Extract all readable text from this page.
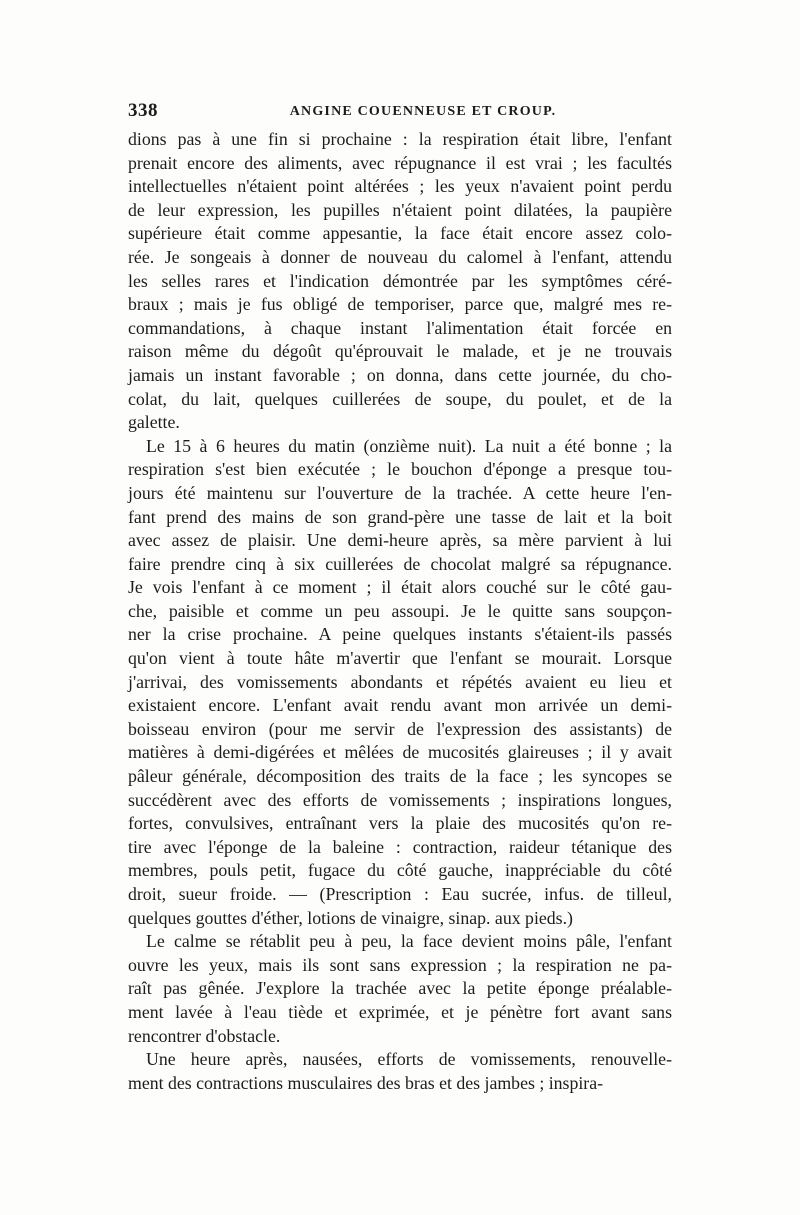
338	ANGINE COUENNEUSE ET CROUP.
dions pas à une fin si prochaine : la respiration était libre, l'enfant
prenait encore des aliments, avec répugnance il est vrai ; les facultés
intellectuelles n'étaient point altérées ; les yeux n'avaient point perdu
de leur expression, les pupilles n'étaient point dilatées, la paupière
supérieure était comme appesantie, la face était encore assez colo-
rée. Je songeais à donner de nouveau du calomel à l'enfant, attendu
les selles rares et l'indication démontrée par les symptômes céré-
braux ; mais je fus obligé de temporiser, parce que, malgré mes re-
commandations, à chaque instant l'alimentation était forcée en
raison même du dégoût qu'éprouvait le malade, et je ne trouvais
jamais un instant favorable ; on donna, dans cette journée, du cho-
colat, du lait, quelques cuillerées de soupe, du poulet, et de la
galette.
Le 15 à 6 heures du matin (onzième nuit). La nuit a été bonne ; la
respiration s'est bien exécutée ; le bouchon d'éponge a presque tou-
jours été maintenu sur l'ouverture de la trachée. A cette heure l'en-
fant prend des mains de son grand-père une tasse de lait et la boit
avec assez de plaisir. Une demi-heure après, sa mère parvient à lui
faire prendre cinq à six cuillerées de chocolat malgré sa répugnance.
Je vois l'enfant à ce moment ; il était alors couché sur le côté gau-
che, paisible et comme un peu assoupi. Je le quitte sans soupçon-
ner la crise prochaine. A peine quelques instants s'étaient-ils passés
qu'on vient à toute hâte m'avertir que l'enfant se mourait. Lorsque
j'arrivai, des vomissements abondants et répétés avaient eu lieu et
existaient encore. L'enfant avait rendu avant mon arrivée un demi-
boisseau environ (pour me servir de l'expression des assistants) de
matières à demi-digérées et mêlées de mucosités glaireuses ; il y avait
pâleur générale, décomposition des traits de la face ; les syncopes se
succédèrent avec des efforts de vomissements ; inspirations longues,
fortes, convulsives, entraînant vers la plaie des mucosités qu'on re-
tire avec l'éponge de la baleine : contraction, raideur tétanique des
membres, pouls petit, fugace du côté gauche, inappréciable du côté
droit, sueur froide. — (Prescription : Eau sucrée, infus. de tilleul,
quelques gouttes d'éther, lotions de vinaigre, sinap. aux pieds.)
Le calme se rétablit peu à peu, la face devient moins pâle, l'enfant
ouvre les yeux, mais ils sont sans expression ; la respiration ne pa-
raît pas gênée. J'explore la trachée avec la petite éponge préalable-
ment lavée à l'eau tiède et exprimée, et je pénètre fort avant sans
rencontrer d'obstacle.
Une heure après, nausées, efforts de vomissements, renouvelle-
ment des contractions musculaires des bras et des jambes ; inspira-
